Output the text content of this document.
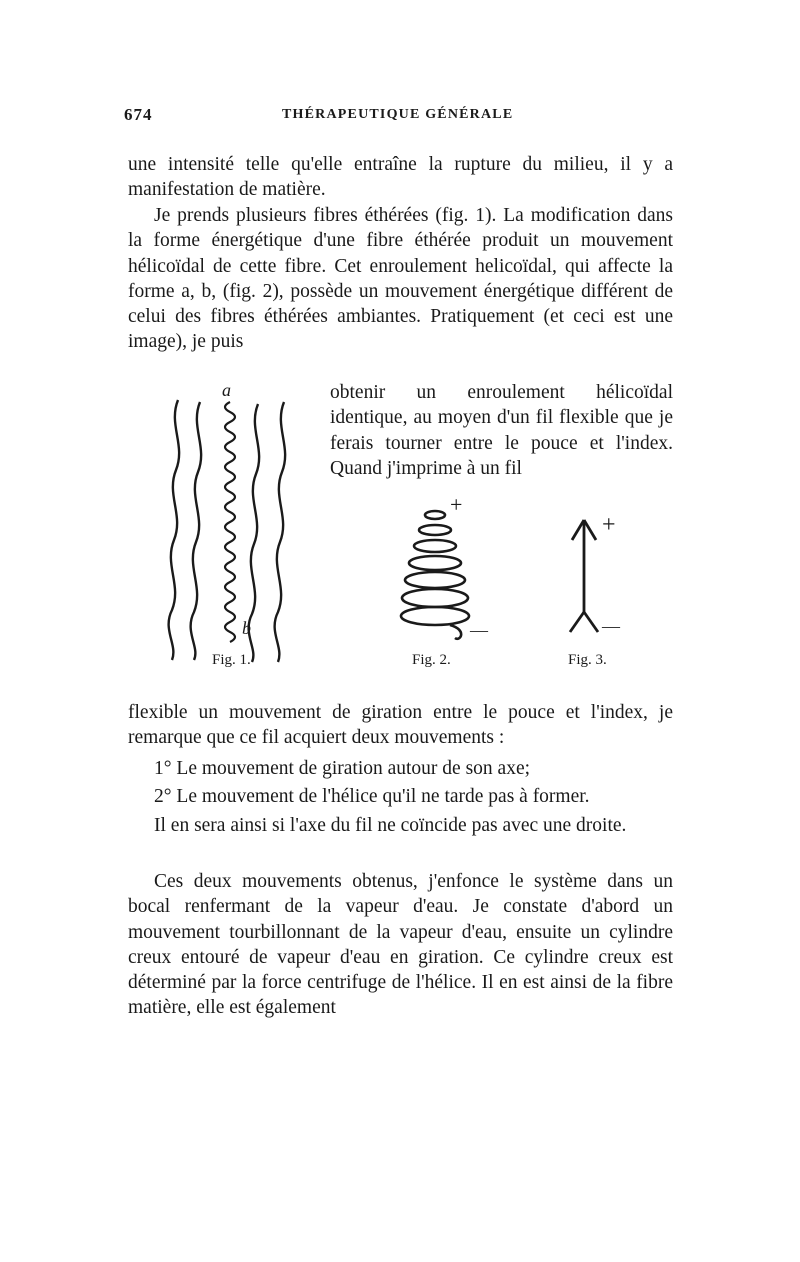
674	THÉRAPEUTIQUE GÉNÉRALE

une intensité telle qu'elle entraîne la rupture du milieu, il y a manifestation de matière.

Je prends plusieurs fibres éthérées (fig. 1). La modification dans la forme énergétique d'une fibre éthérée produit un mouvement hélicoïdal de cette fibre. Cet enroulement helicoïdal, qui affecte la forme a, b, (fig. 2), possède un mouvement énergétique différent de celui des fibres éthérées ambiantes. Pratiquement (et ceci est une image), je puis

obtenir un enroulement hélicoïdal identique, au moyen d'un fil flexible que je ferais tourner entre le pouce et l'index. Quand j'imprime à un fil

a
b
+
—
+
—
Fig. 1.	Fig. 2.	Fig. 3.

flexible un mouvement de giration entre le pouce et l'index, je remarque que ce fil acquiert deux mouvements :

1° Le mouvement de giration autour de son axe;

2° Le mouvement de l'hélice qu'il ne tarde pas à former.

Il en sera ainsi si l'axe du fil ne coïncide pas avec une droite.

Ces deux mouvements obtenus, j'enfonce le système dans un bocal renfermant de la vapeur d'eau. Je constate d'abord un mouvement tourbillonnant de la vapeur d'eau, ensuite un cylindre creux entouré de vapeur d'eau en giration. Ce cylindre creux est déterminé par la force centrifuge de l'hélice. Il en est ainsi de la fibre matière, elle est également
